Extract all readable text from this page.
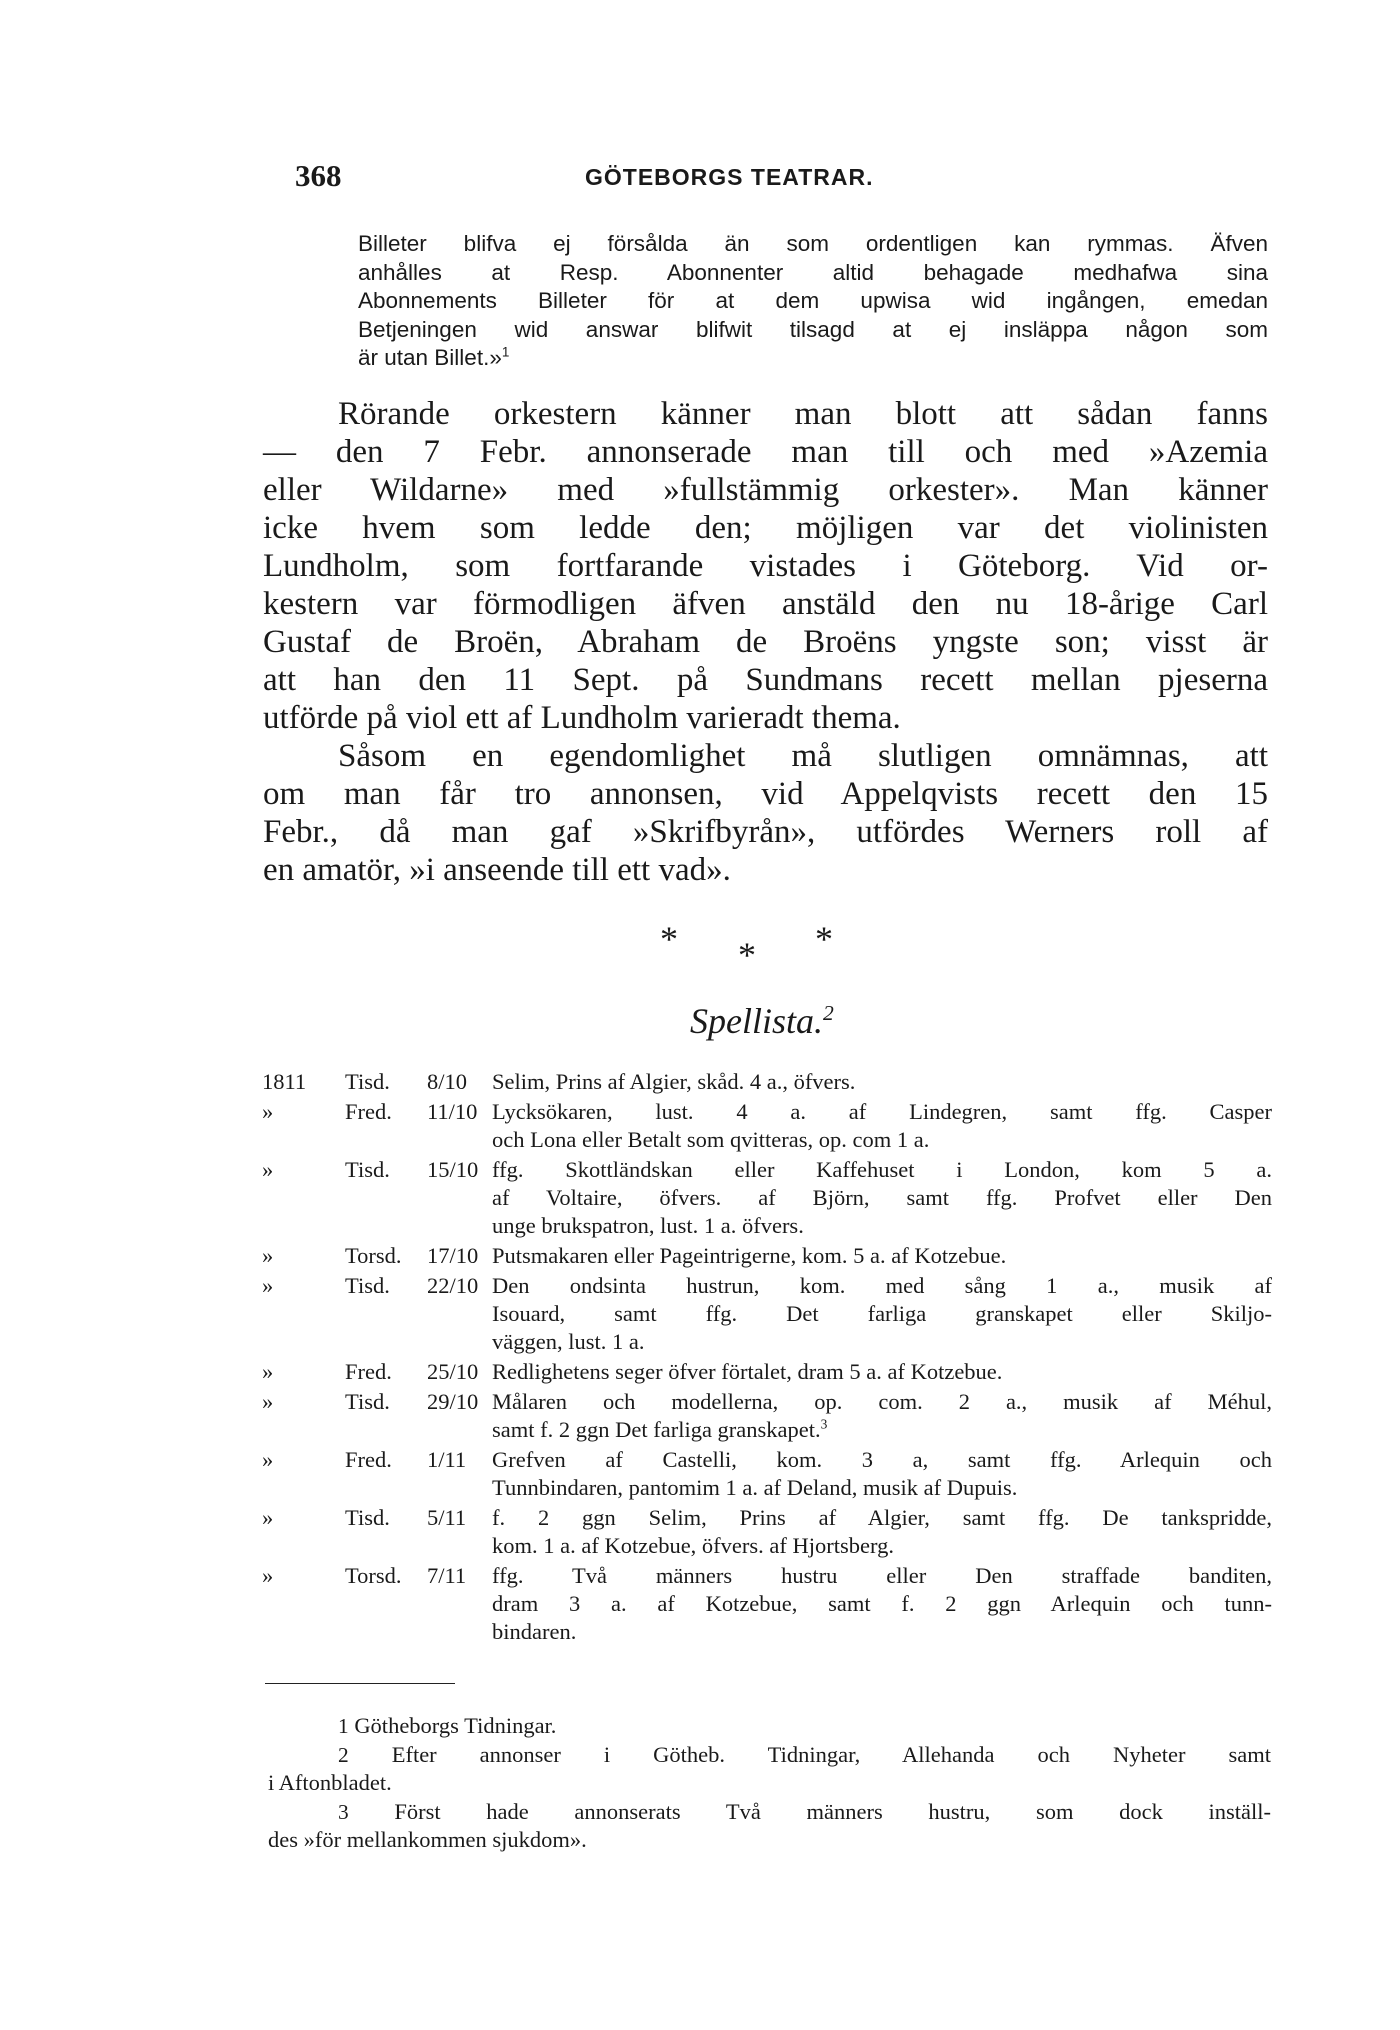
368	GÖTEBORGS TEATRAR.
Billeter blifva ej försålda än som ordentligen kan rymmas. Äfven
anhålles at Resp. Abonnenter altid behagade medhafwa sina
Abonnements Billeter för at dem upwisa wid ingången, emedan
Betjeningen wid answar blifwit tilsagd at ej insläppa någon som
är utan Billet.»$^1$
Rörande orkestern känner man blott att sådan fanns
— den 7 Febr. annonserade man till och med »Azemia
eller Wildarne» med »fullstämmig orkester». Man känner
icke hvem som ledde den; möjligen var det violinisten
Lundholm, som fortfarande vistades i Göteborg. Vid or-
kestern var förmodligen äfven anstäld den nu 18-årige Carl
Gustaf de Broën, Abraham de Broëns yngste son; visst är
att han den 11 Sept. på Sundmans recett mellan pjeserna
utförde på viol ett af Lundholm varieradt thema.
Såsom en egendomlighet må slutligen omnämnas, att
om man får tro annonsen, vid Appelqvists recett den 15
Febr., då man gaf »Skrifbyrån», utfördes Werners roll af
en amatör, »i anseende till ett vad».
* * *
Spellista.$^2$
1811 Tisd. 8/10 Selim, Prins af Algier, skåd. 4 a., öfvers.
»	Fred. 11/10 Lycksökaren, lust. 4 a. af Lindegren, samt ffg. Casper
och Lona eller Betalt som qvitteras, op. com 1 a.
»	Tisd. 15/10 ffg. Skottländskan eller Kaffehuset i London, kom 5 a.
af Voltaire, öfvers. af Björn, samt ffg. Profvet eller Den
unge brukspatron, lust. 1 a. öfvers.
»	Torsd. 17/10 Putsmakaren eller Pageintrigerne, kom. 5 a. af Kotzebue.
»	Tisd. 22/10 Den ondsinta hustrun, kom. med sång 1 a., musik af
Isouard, samt ffg. Det farliga granskapet eller Skiljo-
väggen, lust. 1 a.
»	Fred. 25/10 Redlighetens seger öfver förtalet, dram 5 a. af Kotzebue.
»	Tisd. 29/10 Målaren och modellerna, op. com. 2 a., musik af Méhul,
samt f. 2 ggn Det farliga granskapet.$^3$
»	Fred. 1/11 Grefven af Castelli, kom. 3 a, samt ffg. Arlequin och
Tunnbindaren, pantomim 1 a. af Deland, musik af Dupuis.
»	Tisd. 5/11 f. 2 ggn Selim, Prins af Algier, samt ffg. De tankspridde,
kom. 1 a. af Kotzebue, öfvers. af Hjortsberg.
»	Torsd. 7/11 ffg. Två männers hustru eller Den straffade banditen,
dram 3 a. af Kotzebue, samt f. 2 ggn Arlequin och tunn-
bindaren.
1 Götheborgs Tidningar.
2 Efter annonser i Götheb. Tidningar, Allehanda och Nyheter samt
i Aftonbladet.
3 Först hade annonserats Två männers hustru, som dock inställ-
des »för mellankommen sjukdom».
